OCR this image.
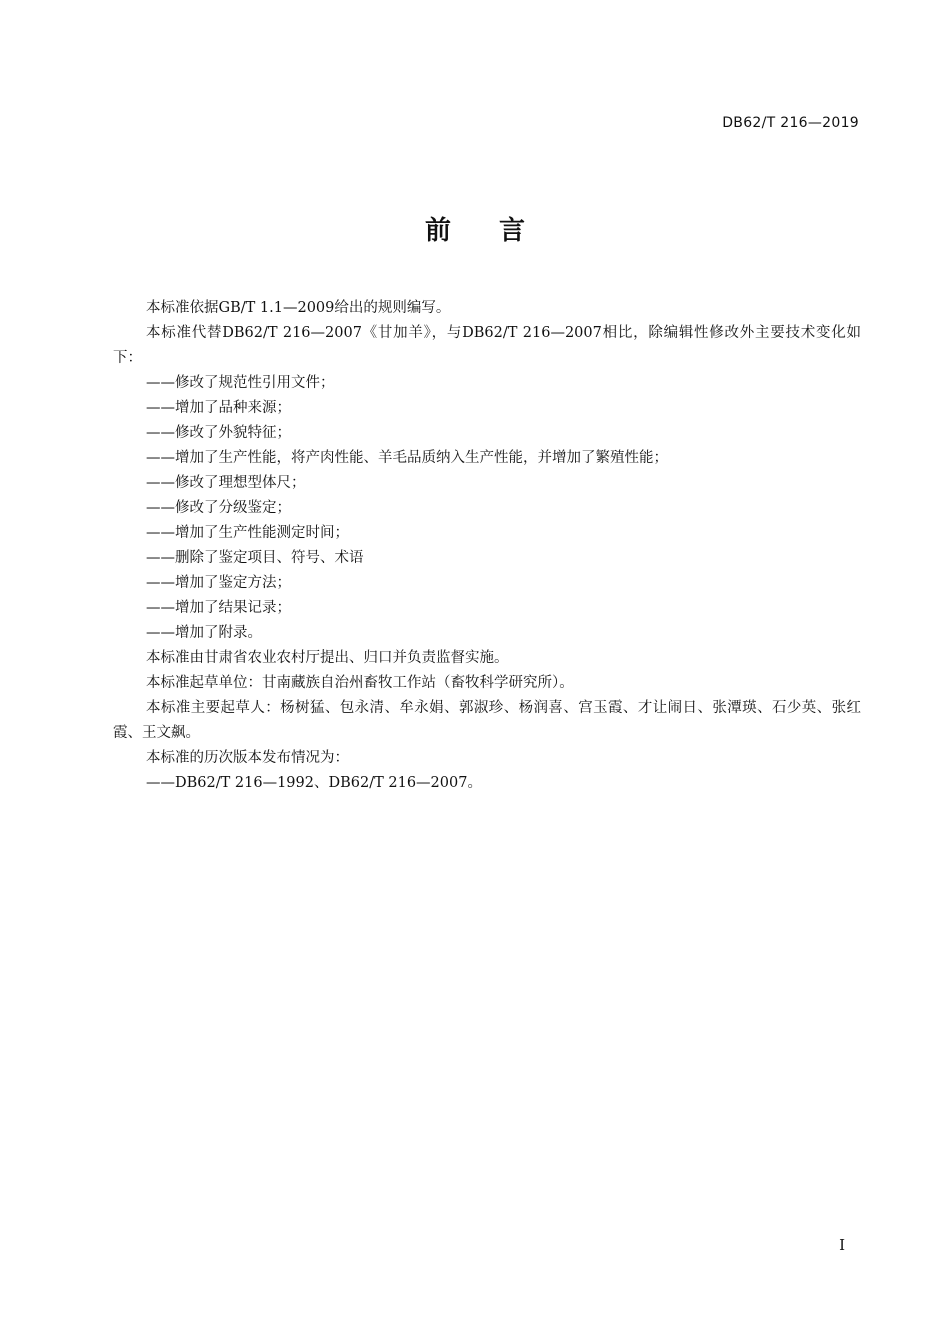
DB62/T 216—2019
前言

本标准依据GB/T 1.1—2009给出的规则编写。

本标准代替DB62/T 216—2007《甘加羊》，与DB62/T 216—2007相比，除编辑性修改外主要技术变化如下：

——修改了规范性引用文件；

——增加了品种来源；

——修改了外貌特征；

——增加了生产性能，将产肉性能、羊毛品质纳入生产性能，并增加了繁殖性能；

——修改了理想型体尺；

——修改了分级鉴定；

——增加了生产性能测定时间；

——删除了鉴定项目、符号、术语

——增加了鉴定方法；

——增加了结果记录；

——增加了附录。

本标准由甘肃省农业农村厅提出、归口并负责监督实施。

本标准起草单位：甘南藏族自治州畜牧工作站（畜牧科学研究所）。

本标准主要起草人：杨树猛、包永清、牟永娟、郭淑珍、杨润喜、宫玉霞、才让闹日、张潭瑛、石少英、张红霞、王文飙。

本标准的历次版本发布情况为：

——DB62/T 216—1992、DB62/T 216—2007。

I
